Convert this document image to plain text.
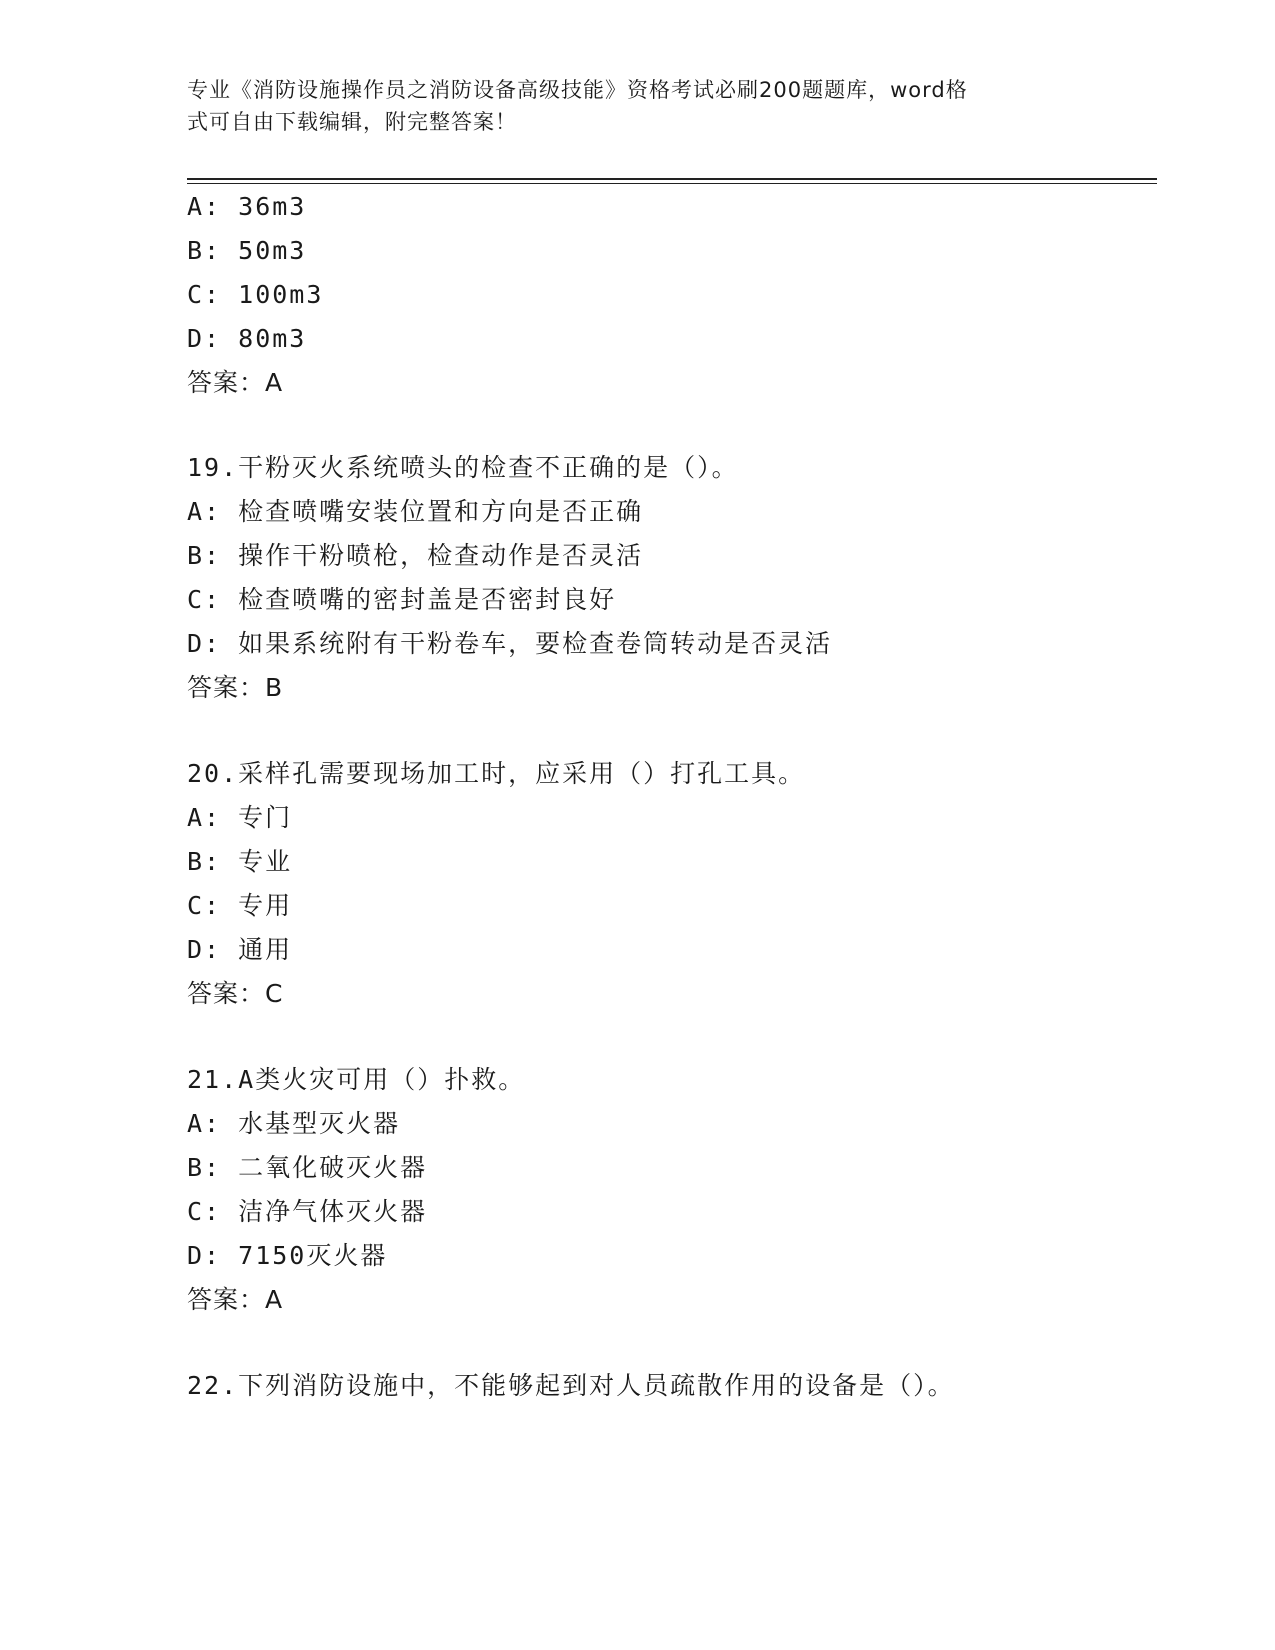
专业《消防设施操作员之消防设备高级技能》资格考试必刷200题题库，word格
式可自由下载编辑，附完整答案！
A: 36m3
B: 50m3
C: 100m3
D: 80m3
答案：A
19.干粉灭火系统喷头的检查不正确的是（）。
A: 检查喷嘴安装位置和方向是否正确
B: 操作干粉喷枪，检查动作是否灵活
C: 检查喷嘴的密封盖是否密封良好
D: 如果系统附有干粉卷车，要检查卷筒转动是否灵活
答案：B
20.采样孔需要现场加工时，应采用（）打孔工具。
A: 专门
B: 专业
C: 专用
D: 通用
答案：C
21.A类火灾可用（）扑救。
A: 水基型灭火器
B: 二氧化破灭火器
C: 洁净气体灭火器
D: 7150灭火器
答案：A
22.下列消防设施中，不能够起到对人员疏散作用的设备是（）。
